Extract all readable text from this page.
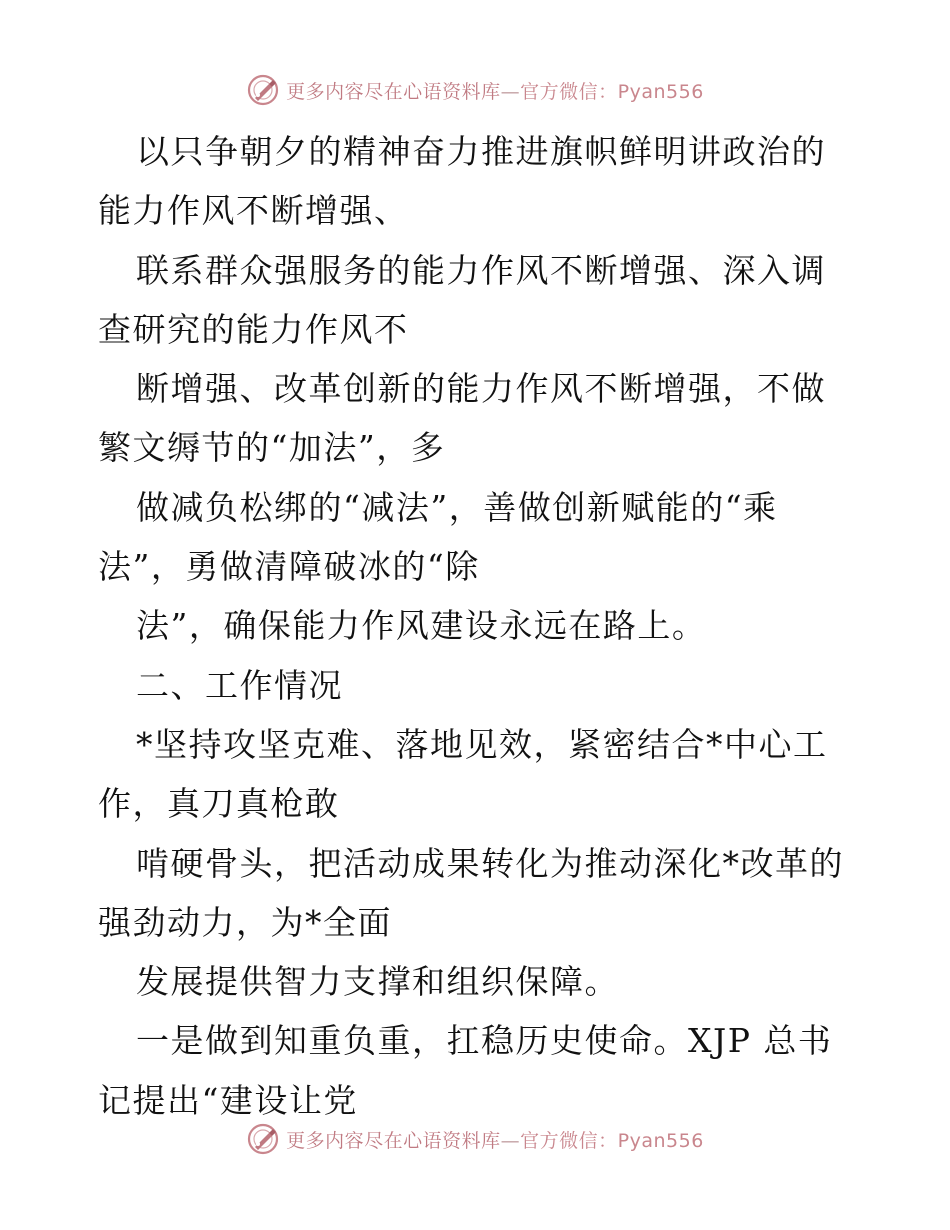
更多内容尽在心语资料库—官方微信：Pyan556

以只争朝夕的精神奋力推进旗帜鲜明讲政治的能力作风不断增强、

联系群众强服务的能力作风不断增强、深入调查研究的能力作风不

断增强、改革创新的能力作风不断增强，不做繁文缛节的“加法”，多

做减负松绑的“减法”，善做创新赋能的“乘法”，勇做清障破冰的“除

法”，确保能力作风建设永远在路上。

二、工作情况

*坚持攻坚克难、落地见效，紧密结合*中心工作，真刀真枪敢

啃硬骨头，把活动成果转化为推动深化*改革的强劲动力，为*全面

发展提供智力支撑和组织保障。

一是做到知重负重，扛稳历史使命。XJP 总书记提出“建设让党

更多内容尽在心语资料库—官方微信：Pyan556
